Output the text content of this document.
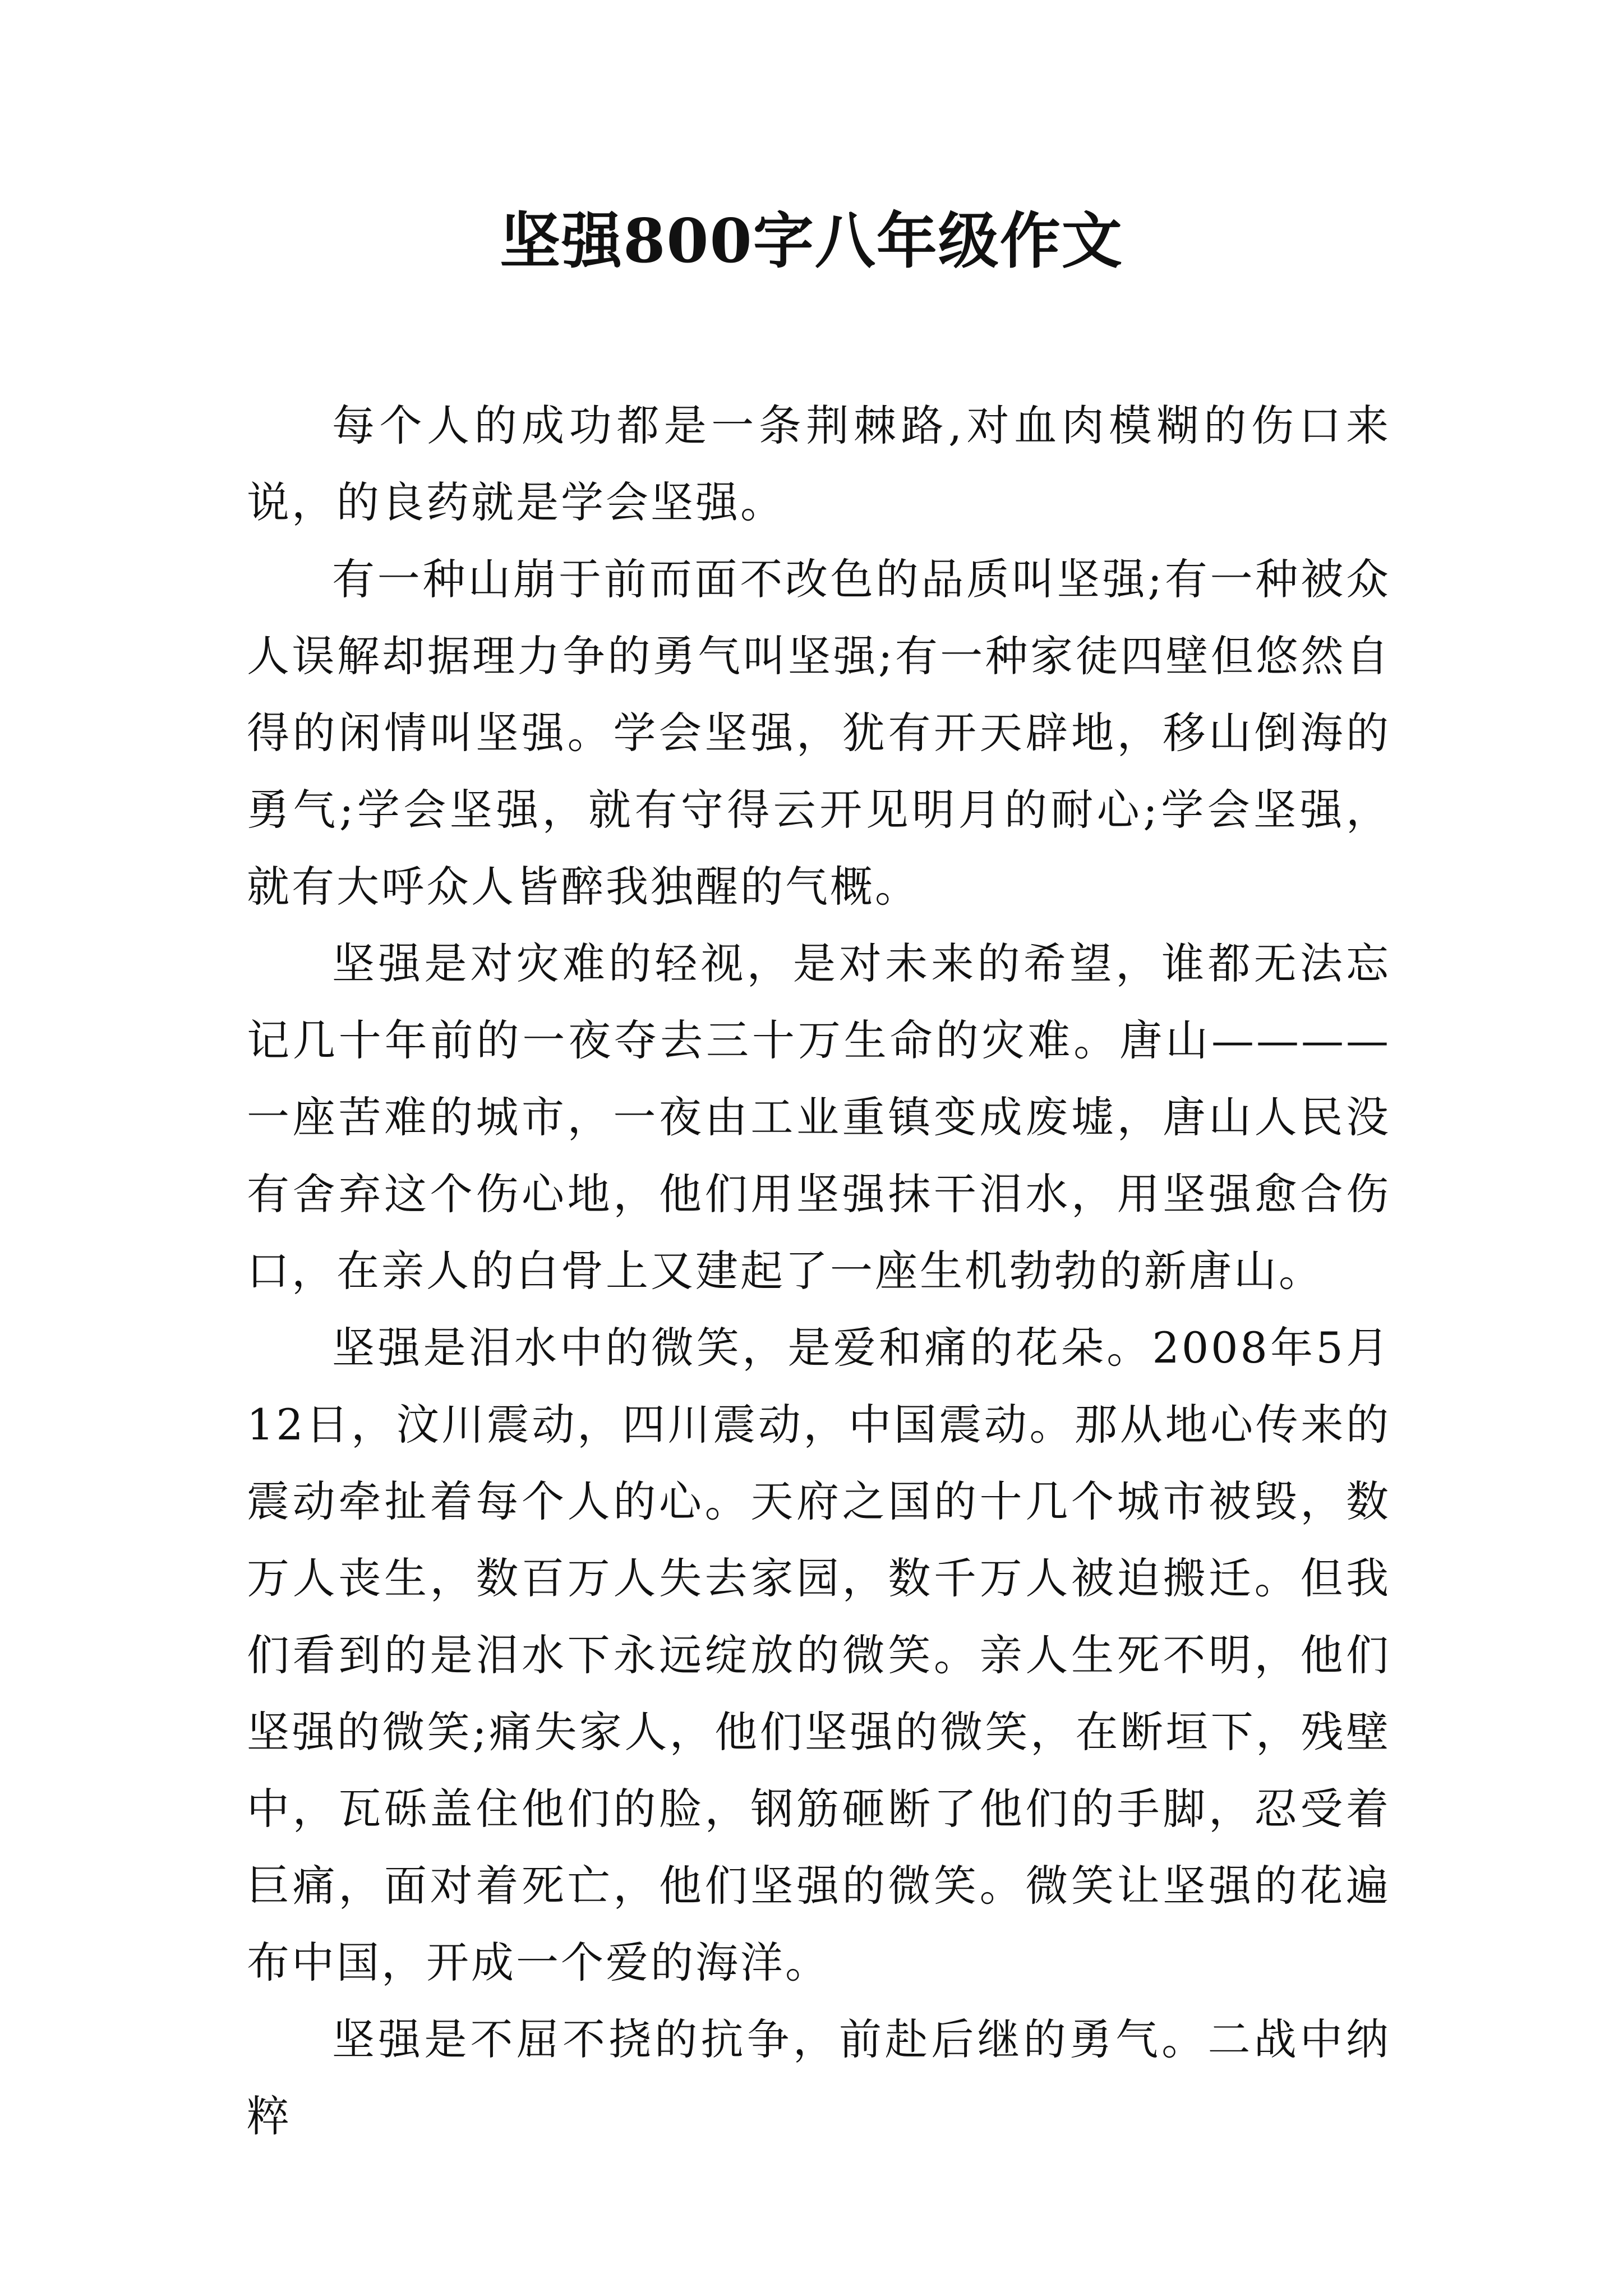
坚强800字八年级作文

每个人的成功都是一条荆棘路,对血肉模糊的伤口来说，的良药就是学会坚强。

有一种山崩于前而面不改色的品质叫坚强;有一种被众人误解却据理力争的勇气叫坚强;有一种家徒四壁但悠然自得的闲情叫坚强。学会坚强，犹有开天辟地，移山倒海的勇气;学会坚强，就有守得云开见明月的耐心;学会坚强，就有大呼众人皆醉我独醒的气概。

坚强是对灾难的轻视，是对未来的希望，谁都无法忘记几十年前的一夜夺去三十万生命的灾难。唐山————一座苦难的城市，一夜由工业重镇变成废墟，唐山人民没有舍弃这个伤心地，他们用坚强抹干泪水，用坚强愈合伤口，在亲人的白骨上又建起了一座生机勃勃的新唐山。

坚强是泪水中的微笑，是爱和痛的花朵。2008年5月12日，汶川震动，四川震动，中国震动。那从地心传来的震动牵扯着每个人的心。天府之国的十几个城市被毁，数万人丧生，数百万人失去家园，数千万人被迫搬迁。但我们看到的是泪水下永远绽放的微笑。亲人生死不明，他们坚强的微笑;痛失家人，他们坚强的微笑，在断垣下，残壁中，瓦砾盖住他们的脸，钢筋砸断了他们的手脚，忍受着巨痛，面对着死亡，他们坚强的微笑。微笑让坚强的花遍布中国，开成一个爱的海洋。

坚强是不屈不挠的抗争，前赴后继的勇气。二战中纳粹
